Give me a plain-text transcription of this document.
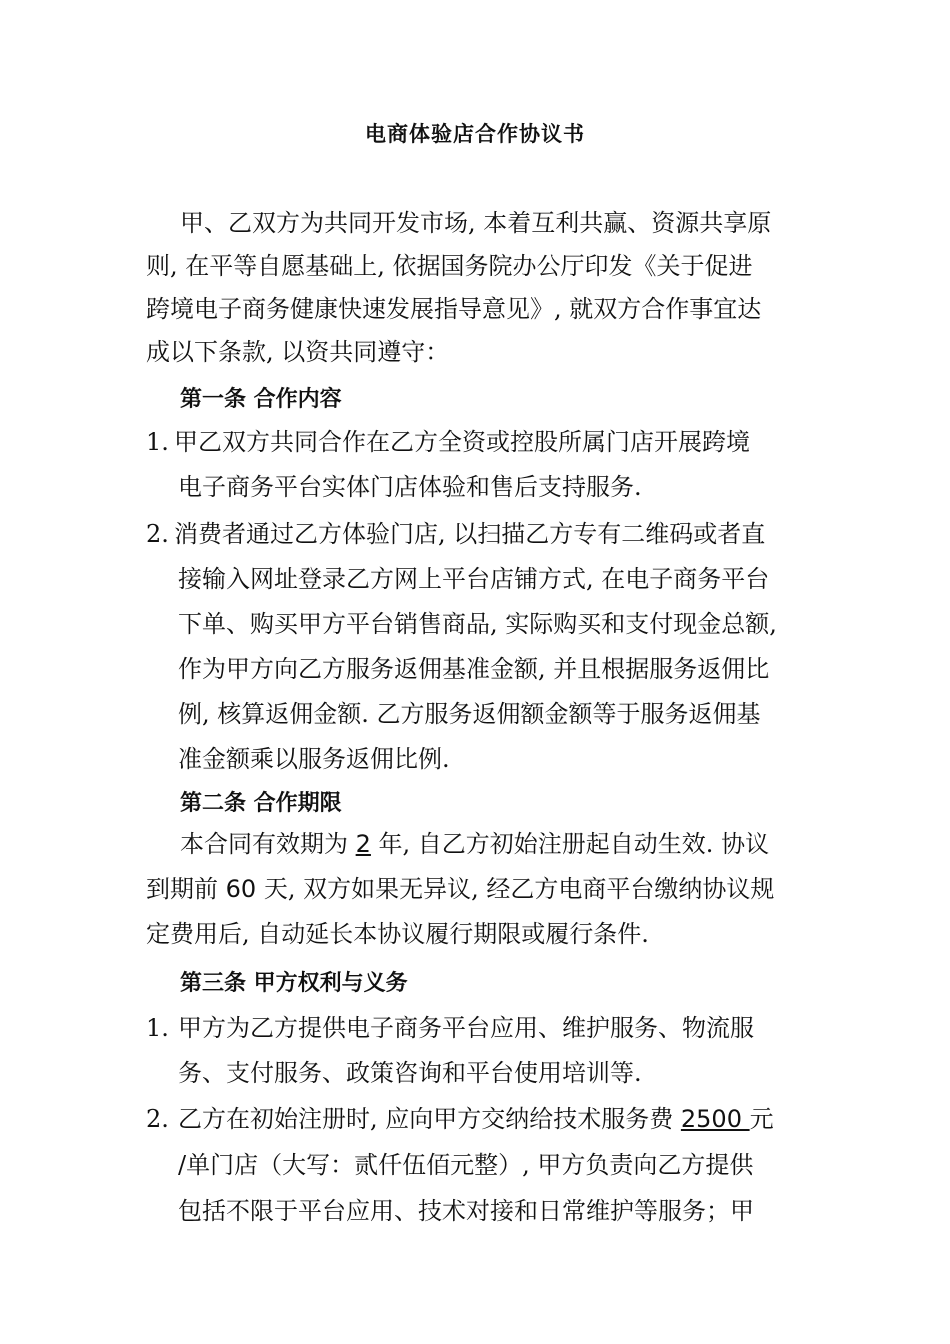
电商体验店合作协议书
甲、乙双方为共同开发市场, 本着互利共赢、资源共享原
则, 在平等自愿基础上, 依据国务院办公厅印发《关于促进
跨境电子商务健康快速发展指导意见》, 就双方合作事宜达
成以下条款, 以资共同遵守：
第一条 合作内容
1. 甲乙双方共同合作在乙方全资或控股所属门店开展跨境
电子商务平台实体门店体验和售后支持服务.
2. 消费者通过乙方体验门店, 以扫描乙方专有二维码或者直
接输入网址登录乙方网上平台店铺方式, 在电子商务平台
下单、购买甲方平台销售商品, 实际购买和支付现金总额,
作为甲方向乙方服务返佣基准金额, 并且根据服务返佣比
例, 核算返佣金额. 乙方服务返佣额金额等于服务返佣基
准金额乘以服务返佣比例.
第二条 合作期限
本合同有效期为 2 年, 自乙方初始注册起自动生效. 协议
到期前 60 天, 双方如果无异议, 经乙方电商平台缴纳协议规
定费用后, 自动延长本协议履行期限或履行条件.
第三条 甲方权利与义务
1. 甲方为乙方提供电子商务平台应用、维护服务、物流服
务、支付服务、政策咨询和平台使用培训等.
2. 乙方在初始注册时, 应向甲方交纳给技术服务费 2500 元
/单门店（大写：贰仟伍佰元整）, 甲方负责向乙方提供
包括不限于平台应用、技术对接和日常维护等服务；甲
